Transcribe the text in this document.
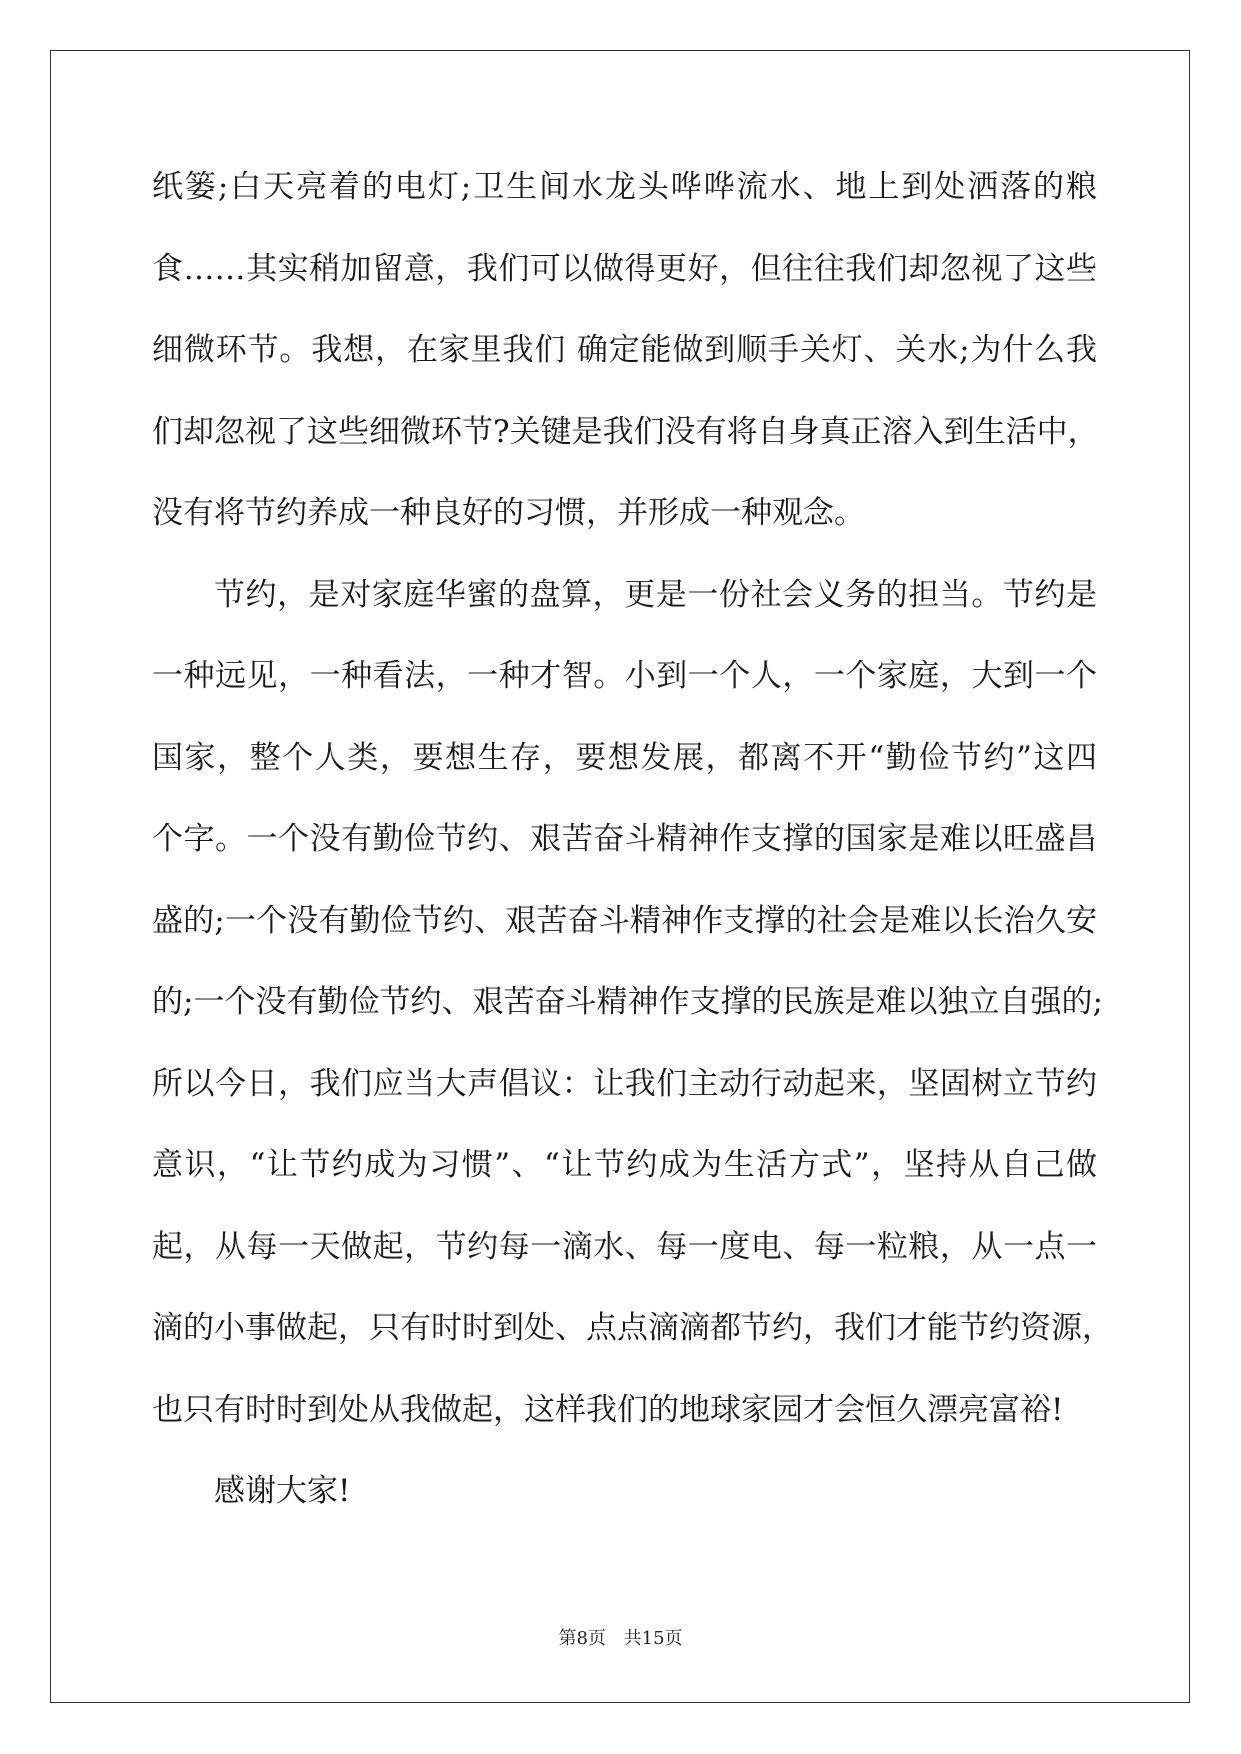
纸篓;白天亮着的电灯;卫生间水龙头哗哗流水、地上到处洒落的粮
食……其实稍加留意，我们可以做得更好，但往往我们却忽视了这些
细微环节。我想，在家里我们 确定能做到顺手关灯、关水;为什么我
们却忽视了这些细微环节?关键是我们没有将自身真正溶入到生活中，
没有将节约养成一种良好的习惯，并形成一种观念。
节约，是对家庭华蜜的盘算，更是一份社会义务的担当。节约是
一种远见，一种看法，一种才智。小到一个人，一个家庭，大到一个
国家，整个人类，要想生存，要想发展，都离不开“勤俭节约”这四
个字。一个没有勤俭节约、艰苦奋斗精神作支撑的国家是难以旺盛昌
盛的;一个没有勤俭节约、艰苦奋斗精神作支撑的社会是难以长治久安
的;一个没有勤俭节约、艰苦奋斗精神作支撑的民族是难以独立自强的;
所以今日，我们应当大声倡议：让我们主动行动起来，坚固树立节约
意识，“让节约成为习惯”、“让节约成为生活方式”，坚持从自己做
起，从每一天做起，节约每一滴水、每一度电、每一粒粮，从一点一
滴的小事做起，只有时时到处、点点滴滴都节约，我们才能节约资源，
也只有时时到处从我做起，这样我们的地球家园才会恒久漂亮富裕!
感谢大家!
第8页 共15页
